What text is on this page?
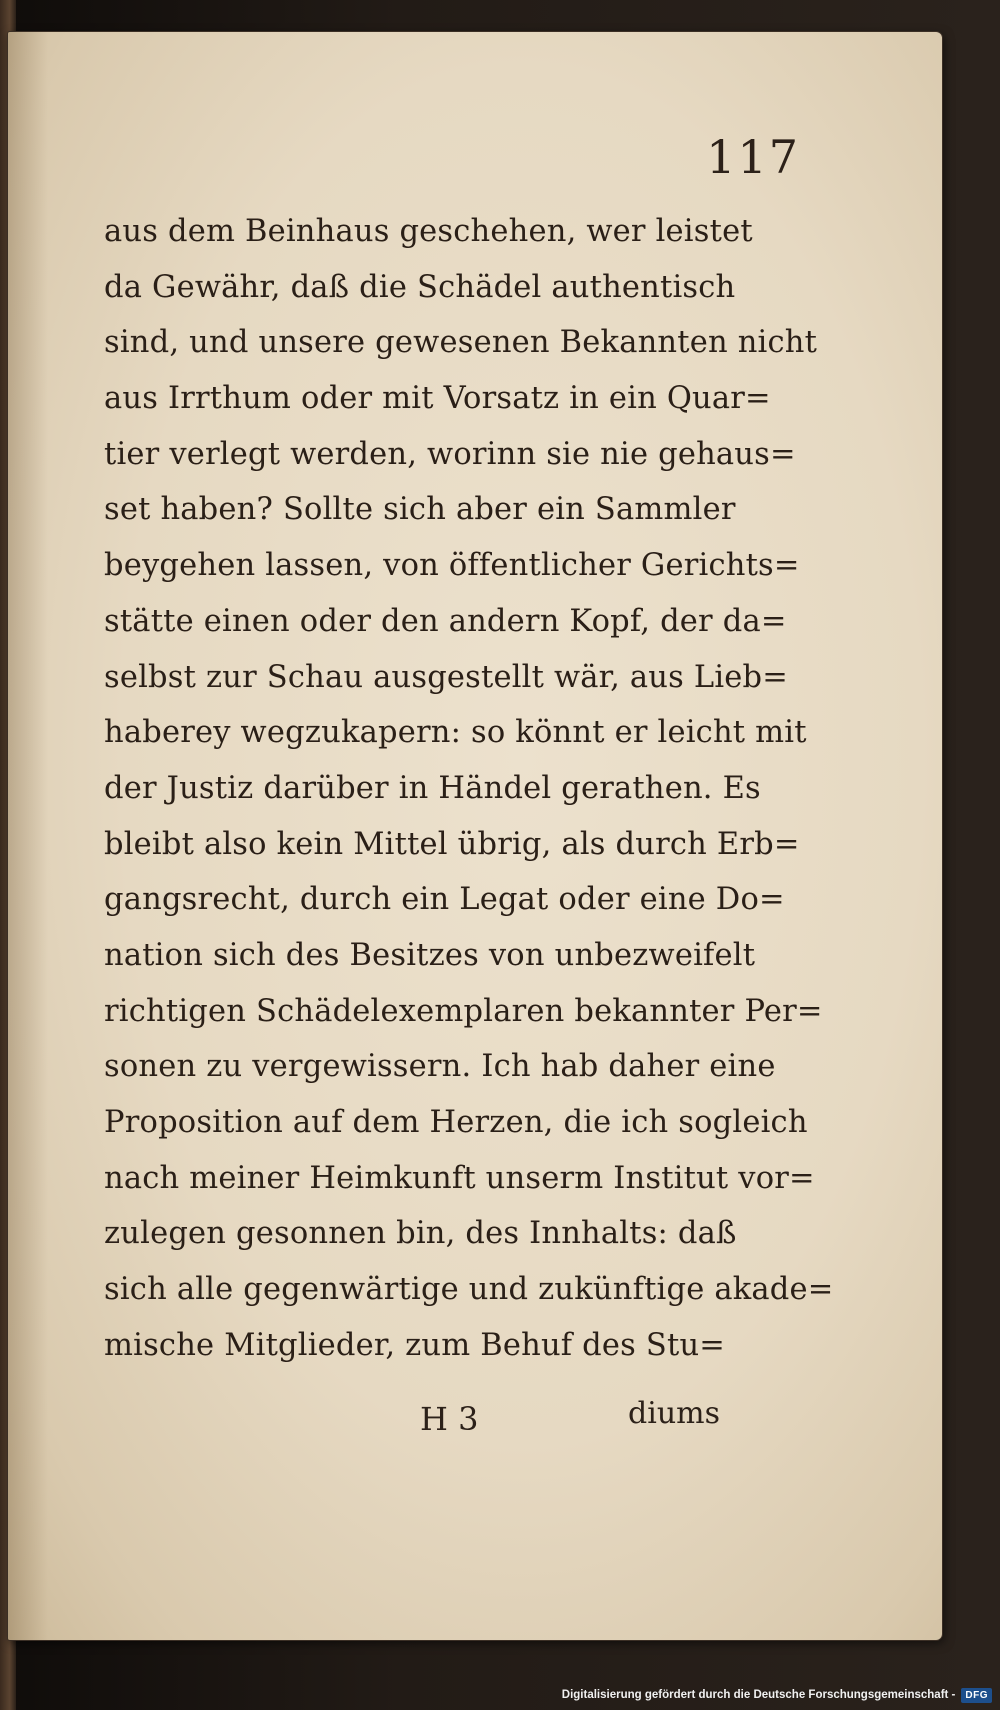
117
aus dem Beinhaus geschehen, wer leistet
da Gewähr, daß die Schädel authentisch
sind, und unsere gewesenen Bekannten nicht
aus Irrthum oder mit Vorsatz in ein Quar=
tier verlegt werden, worinn sie nie gehaus=
set haben? Sollte sich aber ein Sammler
beygehen lassen, von öffentlicher Gerichts=
stätte einen oder den andern Kopf, der da=
selbst zur Schau ausgestellt wär, aus Lieb=
haberey wegzukapern: so könnt er leicht mit
der Justiz darüber in Händel gerathen. Es
bleibt also kein Mittel übrig, als durch Erb=
gangsrecht, durch ein Legat oder eine Do=
nation sich des Besitzes von unbezweifelt
richtigen Schädelexemplaren bekannter Per=
sonen zu vergewissern. Ich hab daher eine
Proposition auf dem Herzen, die ich sogleich
nach meiner Heimkunft unserm Institut vor=
zulegen gesonnen bin, des Innhalts: daß
sich alle gegenwärtige und zukünftige akade=
mische Mitglieder, zum Behuf des Stu=
H 3	diums
Digitalisierung gefördert durch die Deutsche Forschungsgemeinschaft -	DFG
